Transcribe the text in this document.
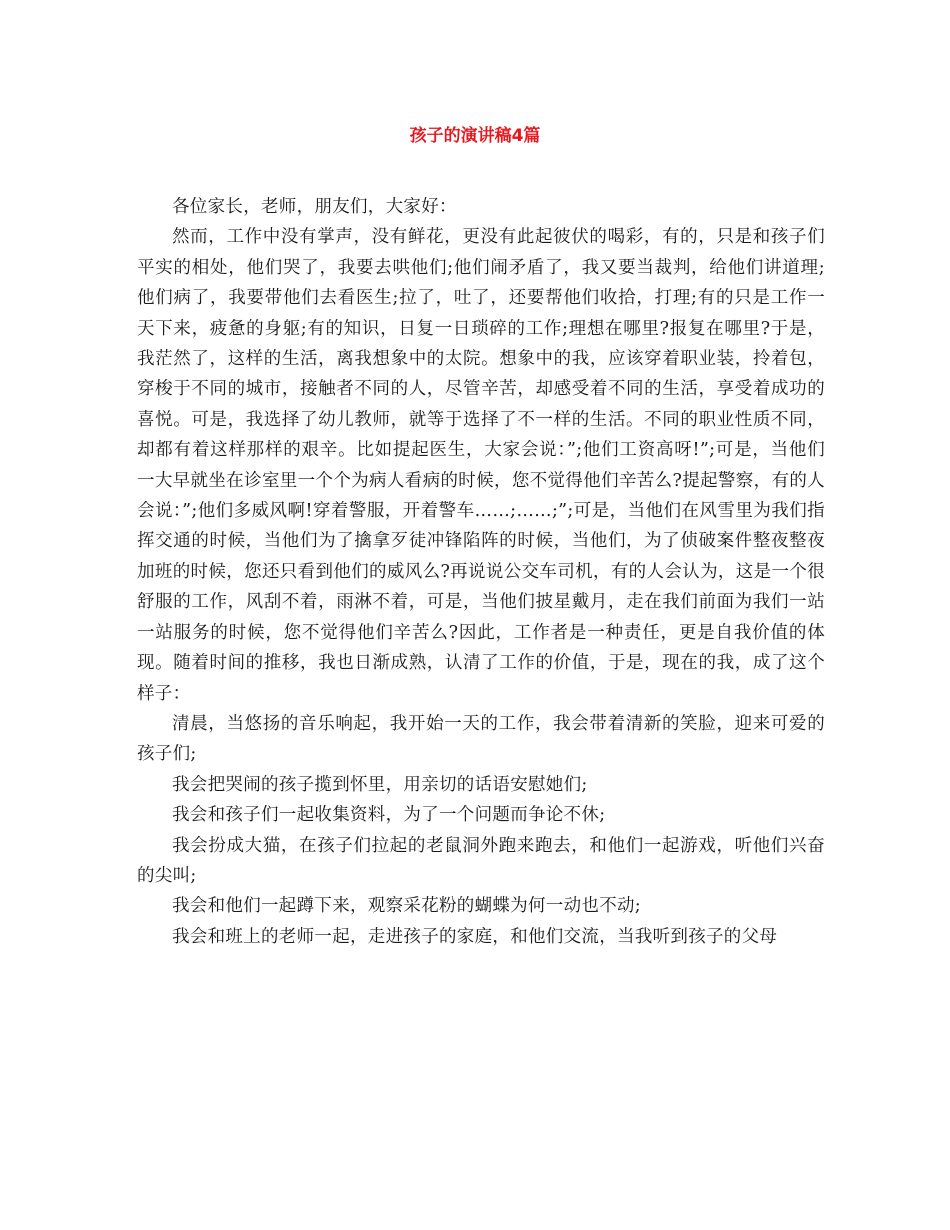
孩子的演讲稿4篇

各位家长，老师，朋友们，大家好：

然而，工作中没有掌声，没有鲜花，更没有此起彼伏的喝彩，有的，只是和孩子们平实的相处，他们哭了，我要去哄他们;他们闹矛盾了，我又要当裁判，给他们讲道理;他们病了，我要带他们去看医生;拉了，吐了，还要帮他们收拾，打理;有的只是工作一天下来，疲惫的身躯;有的知识，日复一日琐碎的工作;理想在哪里?报复在哪里?于是，我茫然了，这样的生活，离我想象中的太院。想象中的我，应该穿着职业装，拎着包，穿梭于不同的城市，接触者不同的人，尽管辛苦，却感受着不同的生活，享受着成功的喜悦。可是，我选择了幼儿教师，就等于选择了不一样的生活。不同的职业性质不同，却都有着这样那样的艰辛。比如提起医生，大家会说：”;他们工资高呀!”;可是，当他们一大早就坐在诊室里一个个为病人看病的时候，您不觉得他们辛苦么?提起警察，有的人会说：”;他们多威风啊!穿着警服，开着警车……;……;”;可是，当他们在风雪里为我们指挥交通的时候，当他们为了擒拿歹徒冲锋陷阵的时候，当他们，为了侦破案件整夜整夜加班的时候，您还只看到他们的威风么?再说说公交车司机，有的人会认为，这是一个很舒服的工作，风刮不着，雨淋不着，可是，当他们披星戴月，走在我们前面为我们一站一站服务的时候，您不觉得他们辛苦么?因此，工作者是一种责任，更是自我价值的体现。随着时间的推移，我也日渐成熟，认清了工作的价值，于是，现在的我，成了这个样子：

清晨，当悠扬的音乐响起，我开始一天的工作，我会带着清新的笑脸，迎来可爱的孩子们;

我会把哭闹的孩子揽到怀里，用亲切的话语安慰她们;

我会和孩子们一起收集资料，为了一个问题而争论不休;

我会扮成大猫，在孩子们拉起的老鼠洞外跑来跑去，和他们一起游戏，听他们兴奋的尖叫;

我会和他们一起蹲下来，观察采花粉的蝴蝶为何一动也不动;

我会和班上的老师一起，走进孩子的家庭，和他们交流，当我听到孩子的父母
